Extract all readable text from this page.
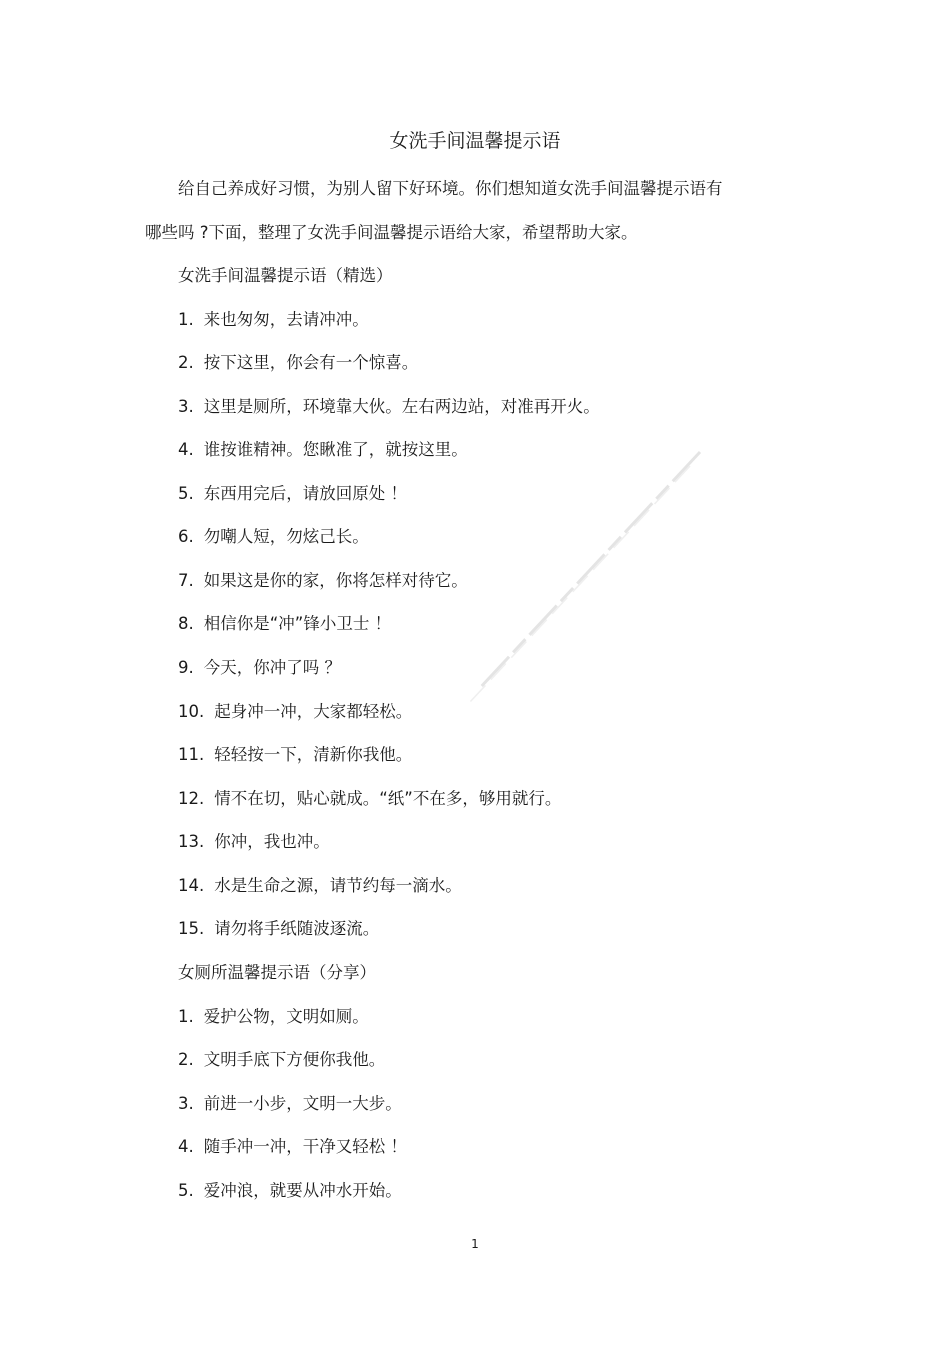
女洗手间温馨提示语

给自己养成好习惯，为别人留下好环境。你们想知道女洗手间温馨提示语有

哪些吗 ?下面，整理了女洗手间温馨提示语给大家，希望帮助大家。

女洗手间温馨提示语（精选）

1. 来也匆匆，去请冲冲。

2. 按下这里，你会有一个惊喜。

3. 这里是厕所，环境靠大伙。左右两边站，对准再开火。

4. 谁按谁精神。您瞅准了，就按这里。

5. 东西用完后，请放回原处 ！

6. 勿嘲人短，勿炫己长。

7. 如果这是你的家，你将怎样对待它。

8. 相信你是“冲”锋小卫士 ！

9. 今天，你冲了吗 ？

10. 起身冲一冲，大家都轻松。

11. 轻轻按一下，清新你我他。

12. 情不在切，贴心就成。“纸”不在多，够用就行。

13. 你冲，我也冲。

14. 水是生命之源，请节约每一滴水。

15. 请勿将手纸随波逐流。

女厕所温馨提示语（分享）

1. 爱护公物，文明如厕。

2. 文明手底下方便你我他。

3. 前进一小步，文明一大步。

4. 随手冲一冲，干净又轻松 ！

5. 爱冲浪，就要从冲水开始。

1
